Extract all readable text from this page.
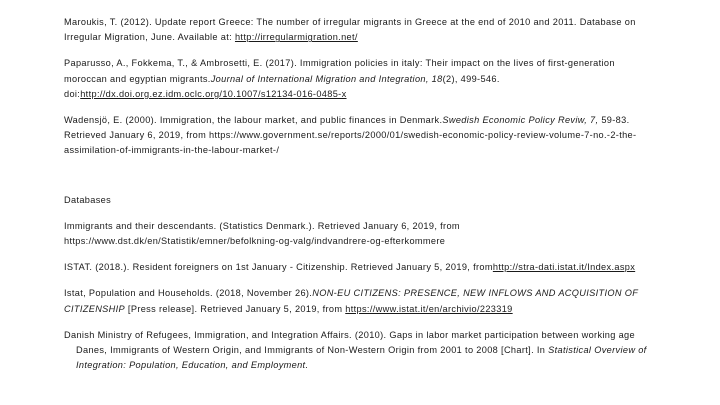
Maroukis, T. (2012). Update report Greece: The number of irregular migrants in Greece at the end of 2010 and 2011. Database on Irregular Migration, June. Available at: http://irregularmigration.net/

Paparusso, A., Fokkema, T., & Ambrosetti, E. (2017). Immigration policies in italy: Their impact on the lives of first-generation moroccan and egyptian migrants.Journal of International Migration and Integration, 18(2), 499-546. doi:http://dx.doi.org.ez.idm.oclc.org/10.1007/s12134-016-0485-x

Wadensjö, E. (2000). Immigration, the labour market, and public finances in Denmark.Swedish Economic Policy Reviw, 7, 59-83. Retrieved January 6, 2019, from https://www.government.se/reports/2000/01/swedish-economic-policy-review-volume-7-no.-2-the-assimilation-of-immigrants-in-the-labour-market-/

Databases

Immigrants and their descendants. (Statistics Denmark.). Retrieved January 6, 2019, from https://www.dst.dk/en/Statistik/emner/befolkning-og-valg/indvandrere-og-efterkommere

ISTAT. (2018.). Resident foreigners on 1st January - Citizenship. Retrieved January 5, 2019, fromhttp://stra-dati.istat.it/Index.aspx

Istat, Population and Households. (2018, November 26).NON-EU CITIZENS: PRESENCE, NEW INFLOWS AND ACQUISITION OF CITIZENSHIP [Press release]. Retrieved January 5, 2019, from https://www.istat.it/en/archivio/223319

Danish Ministry of Refugees, Immigration, and Integration Affairs. (2010). Gaps in labor market participation between working age Danes, Immigrants of Western Origin, and Immigrants of Non-Western Origin from 2001 to 2008 [Chart]. In Statistical Overview of Integration: Population, Education, and Employment.
